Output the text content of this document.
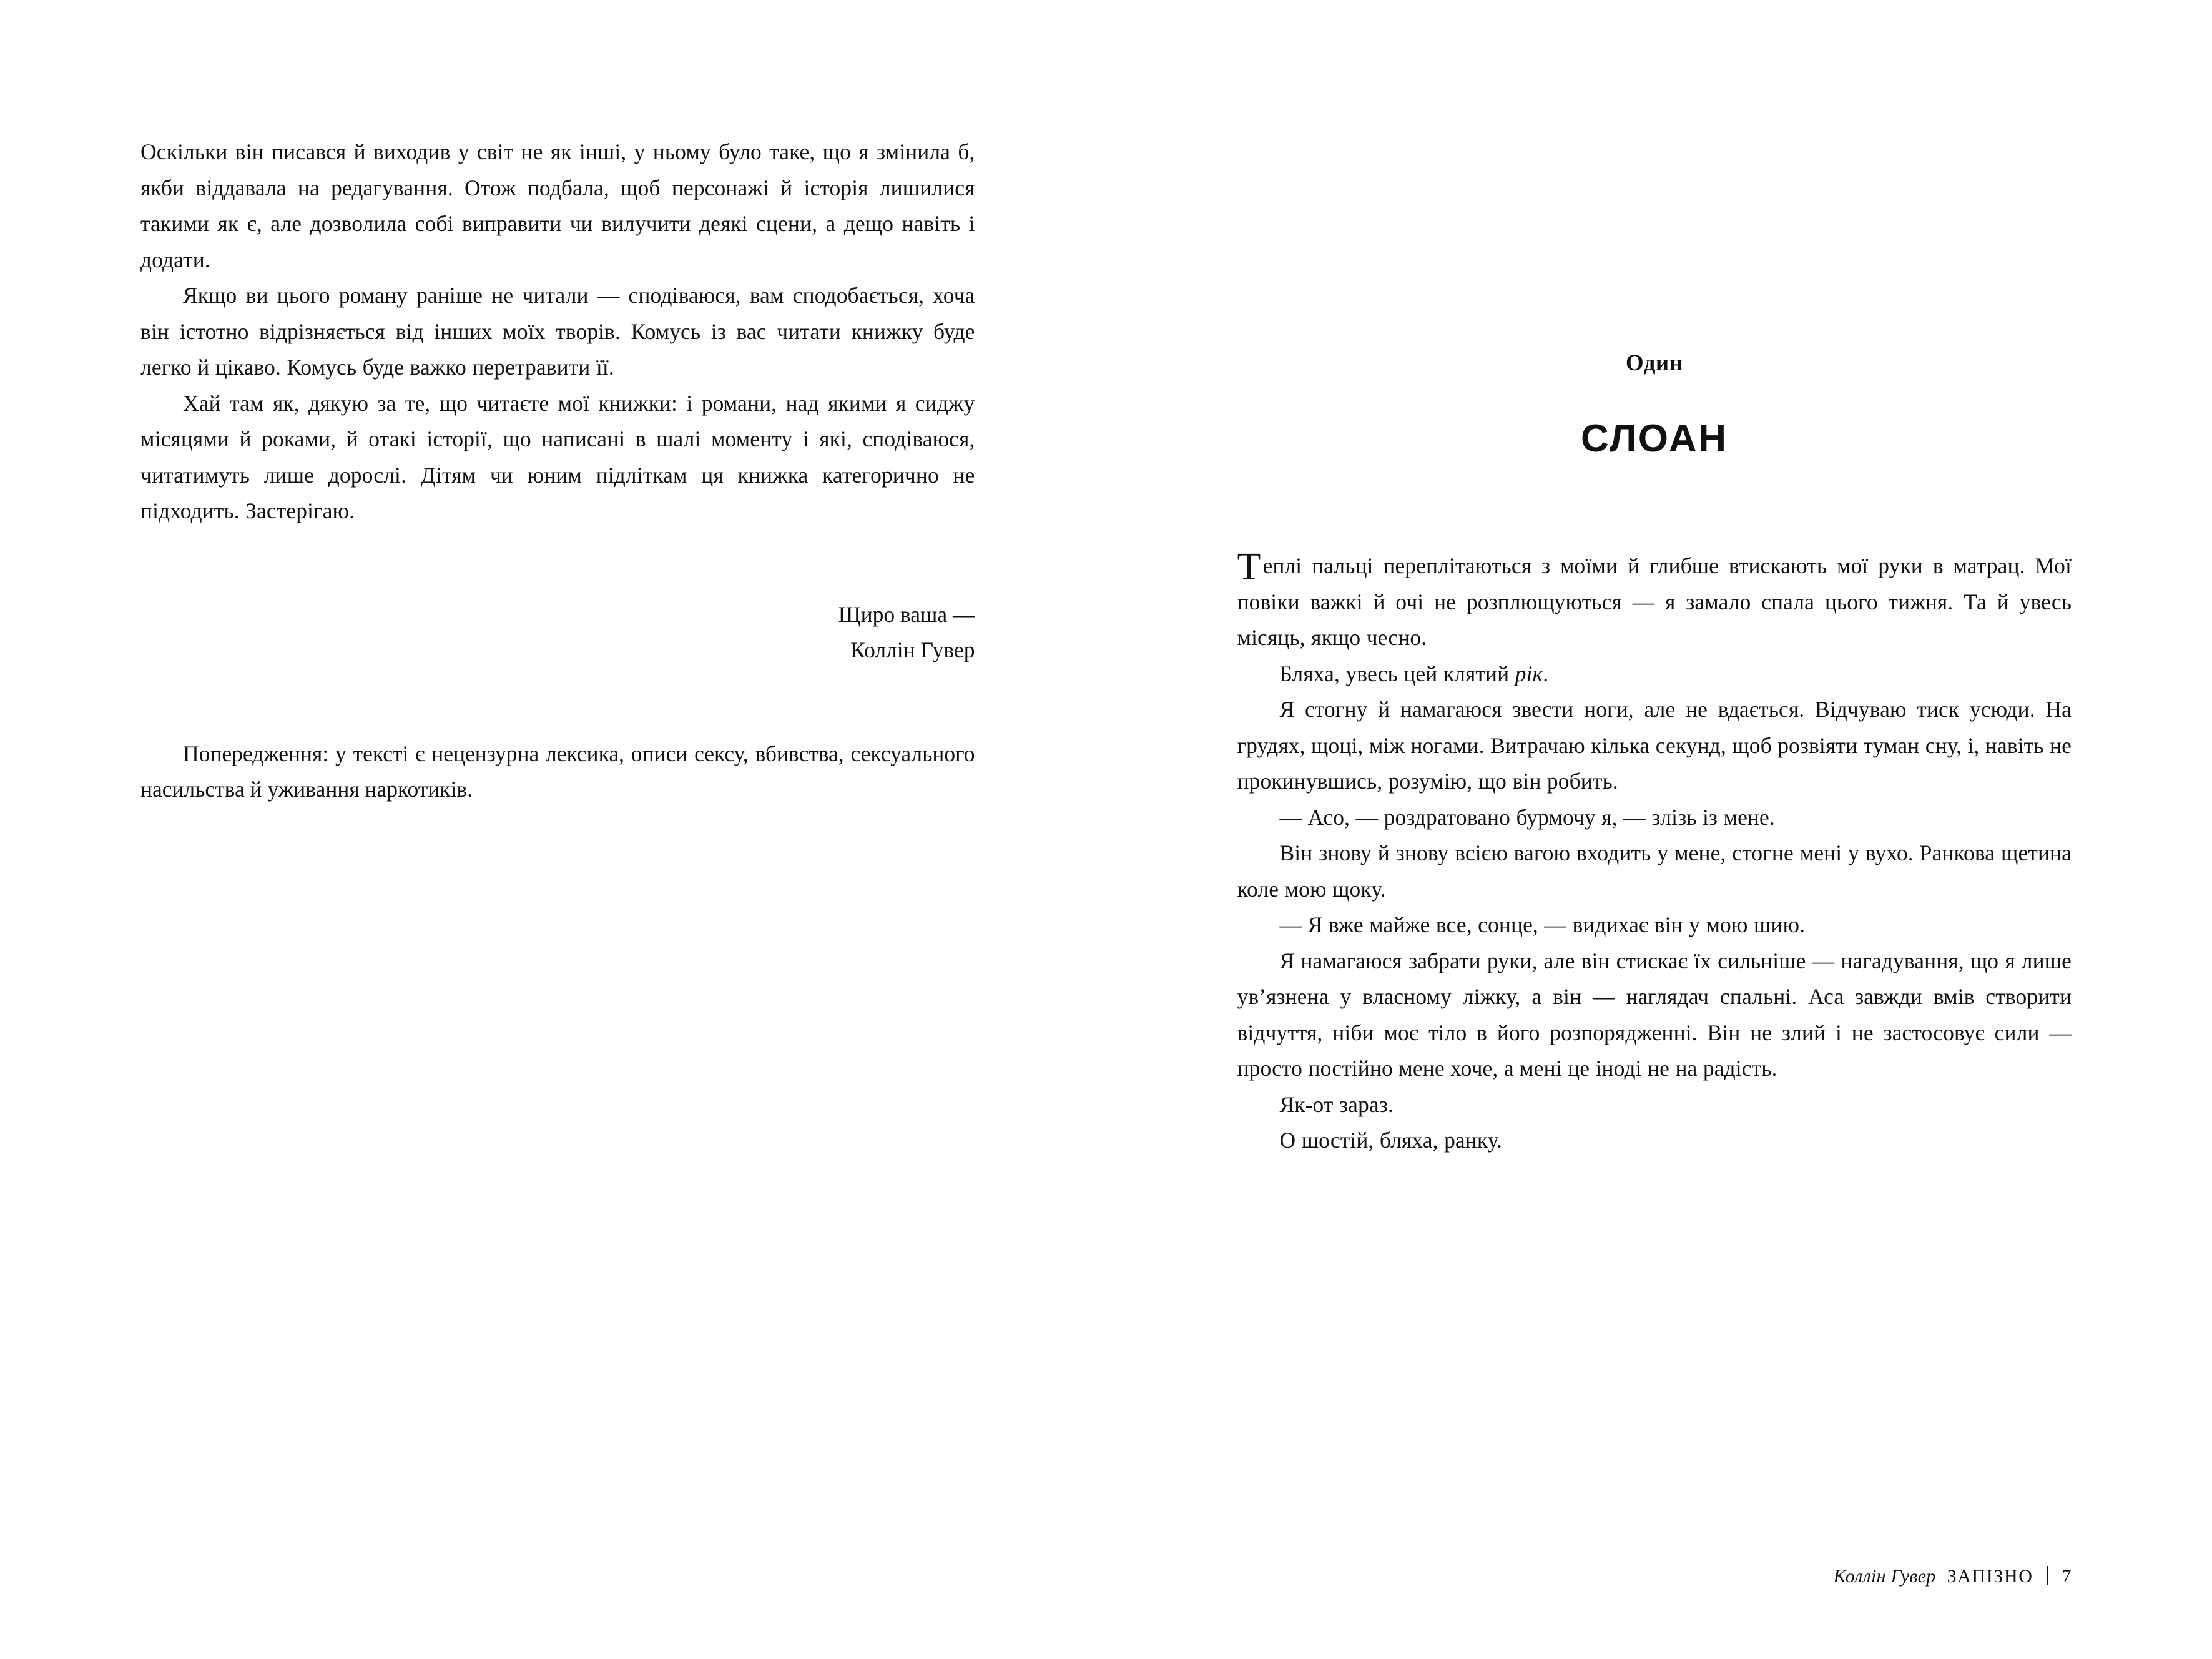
Оскільки він писався й виходив у світ не як інші, у ньому було таке, що я змінила б, якби віддавала на редагування. Отож подбала, щоб персонажі й історія лишилися такими як є, але дозволила собі виправити чи вилучити деякі сцени, а дещо навіть і додати.

Якщо ви цього роману раніше не читали — сподіваюся, вам сподобається, хоча він істотно відрізняється від інших моїх творів. Комусь із вас читати книжку буде легко й цікаво. Комусь буде важко перетравити її.

Хай там як, дякую за те, що читаєте мої книжки: і романи, над якими я сиджу місяцями й роками, й отакі історії, що написані в шалі моменту і які, сподіваюся, читатимуть лише дорослі. Дітям чи юним підліткам ця книжка категорично не підходить. Застерігаю.

Щиро ваша —
Коллін Гувер

Попередження: у тексті є нецензурна лексика, описи сексу, вбивства, сексуального насильства й уживання наркотиків.

Один
СЛОАН

Теплі пальці переплітаються з моїми й глибше втискають мої руки в матрац. Мої повіки важкі й очі не розплющуються — я замало спала цього тижня. Та й увесь місяць, якщо чесно.

Бляха, увесь цей клятий рік.

Я стогну й намагаюся звести ноги, але не вдається. Відчуваю тиск усюди. На грудях, щоці, між ногами. Витрачаю кілька секунд, щоб розвіяти туман сну, і, навіть не прокинувшись, розумію, що він робить.

— Асо, — роздратовано бурмочу я, — злізь із мене.

Він знову й знову всією вагою входить у мене, стогне мені у вухо. Ранкова щетина коле мою щоку.

— Я вже майже все, сонце, — видихає він у мою шию.

Я намагаюся забрати руки, але він стискає їх сильніше — нагадування, що я лише ув’язнена у власному ліжку, а він — наглядач спальні. Аса завжди вмів створити відчуття, ніби моє тіло в його розпорядженні. Він не злий і не застосовує сили — просто постійно мене хоче, а мені це іноді не на радість.

Як-от зараз.

О шостій, бляха, ранку.

Коллін Гувер ЗАПІЗНО 7
